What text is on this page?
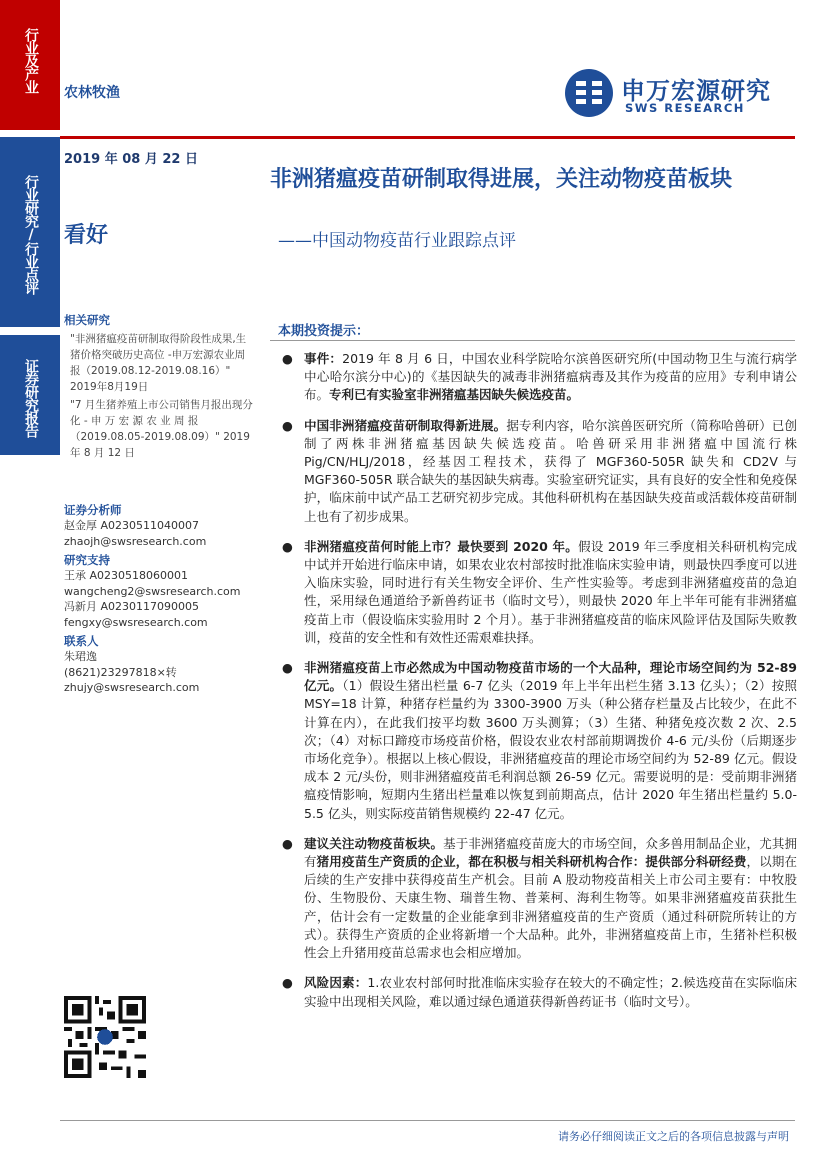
行业及产业
行业研究/行业点评
证券研究报告
农林牧渔	申万宏源研究
SWS RESEARCH
2019 年 08 月 22 日
非洲猪瘟疫苗研制取得进展，关注动物疫苗板块
——中国动物疫苗行业跟踪点评
看好
相关研究

"非洲猪瘟疫苗研制取得阶段性成果,生猪价格突破历史高位 -申万宏源农业周报（2019.08.12-2019.08.16）" 2019年8月19日

"7 月生猪养殖上市公司销售月报出现分化 - 申 万 宏 源 农 业 周 报（2019.08.05-2019.08.09）" 2019 年 8 月 12 日

证券分析师
赵金厚 A0230511040007
zhaojh@swsresearch.com
研究支持
王承 A0230518060001
wangcheng2@swsresearch.com
冯新月 A0230117090005
fengxy@swsresearch.com
联系人
朱珺逸
(8621)23297818×转
zhujy@swsresearch.com
本期投资提示：
● 事件：2019 年 8 月 6 日，中国农业科学院哈尔滨兽医研究所(中国动物卫生与流行病学中心哈尔滨分中心)的《基因缺失的减毒非洲猪瘟病毒及其作为疫苗的应用》专利申请公布。专利已有实验室非洲猪瘟基因缺失候选疫苗。
● 中国非洲猪瘟疫苗研制取得新进展。据专利内容，哈尔滨兽医研究所（简称哈兽研）已创制了两株非洲猪瘟基因缺失候选疫苗。哈兽研采用非洲猪瘟中国流行株 Pig/CN/HLJ/2018，经基因工程技术，获得了 MGF360-505R 缺失和 CD2V 与 MGF360-505R 联合缺失的基因缺失病毒。实验室研究证实，具有良好的安全性和免疫保护，临床前中试产品工艺研究初步完成。其他科研机构在基因缺失疫苗或活载体疫苗研制上也有了初步成果。
● 非洲猪瘟疫苗何时能上市？最快要到 2020 年。假设 2019 年三季度相关科研机构完成中试并开始进行临床申请，如果农业农村部按时批准临床实验申请，则最快四季度可以进入临床实验，同时进行有关生物安全评价、生产性实验等。考虑到非洲猪瘟疫苗的急迫性，采用绿色通道给予新兽药证书（临时文号），则最快 2020 年上半年可能有非洲猪瘟疫苗上市（假设临床实验用时 2 个月）。基于非洲猪瘟疫苗的临床风险评估及国际失败教训，疫苗的安全性和有效性还需艰难抉择。
● 非洲猪瘟疫苗上市必然成为中国动物疫苗市场的一个大品种，理论市场空间约为 52-89 亿元。（1）假设生猪出栏量 6-7 亿头（2019 年上半年出栏生猪 3.13 亿头）；（2）按照 MSY=18 计算，种猪存栏量约为 3300-3900 万头（种公猪存栏量及占比较少，在此不计算在内），在此我们按平均数 3600 万头测算；（3）生猪、种猪免疫次数 2 次、2.5 次；（4）对标口蹄疫市场疫苗价格，假设农业农村部前期调拨价 4-6 元/头份（后期逐步市场化竞争）。根据以上核心假设，非洲猪瘟疫苗的理论市场空间约为 52-89 亿元。假设成本 2 元/头份，则非洲猪瘟疫苗毛利润总额 26-59 亿元。需要说明的是：受前期非洲猪瘟疫情影响，短期内生猪出栏量难以恢复到前期高点，估计 2020 年生猪出栏量约 5.0-5.5 亿头，则实际疫苗销售规模约 22-47 亿元。
● 建议关注动物疫苗板块。基于非洲猪瘟疫苗庞大的市场空间，众多兽用制品企业，尤其拥有猪用疫苗生产资质的企业，都在积极与相关科研机构合作：提供部分科研经费，以期在后续的生产安排中获得疫苗生产机会。目前 A 股动物疫苗相关上市公司主要有：中牧股份、生物股份、天康生物、瑞普生物、普莱柯、海利生物等。如果非洲猪瘟疫苗获批生产，估计会有一定数量的企业能拿到非洲猪瘟疫苗的生产资质（通过科研院所转让的方式）。获得生产资质的企业将新增一个大品种。此外，非洲猪瘟疫苗上市，生猪补栏积极性会上升猪用疫苗总需求也会相应增加。
● 风险因素：1.农业农村部何时批准临床实验存在较大的不确定性；2.候选疫苗在实际临床实验中出现相关风险，难以通过绿色通道获得新兽药证书（临时文号）。
请务必仔细阅读正文之后的各项信息披露与声明
